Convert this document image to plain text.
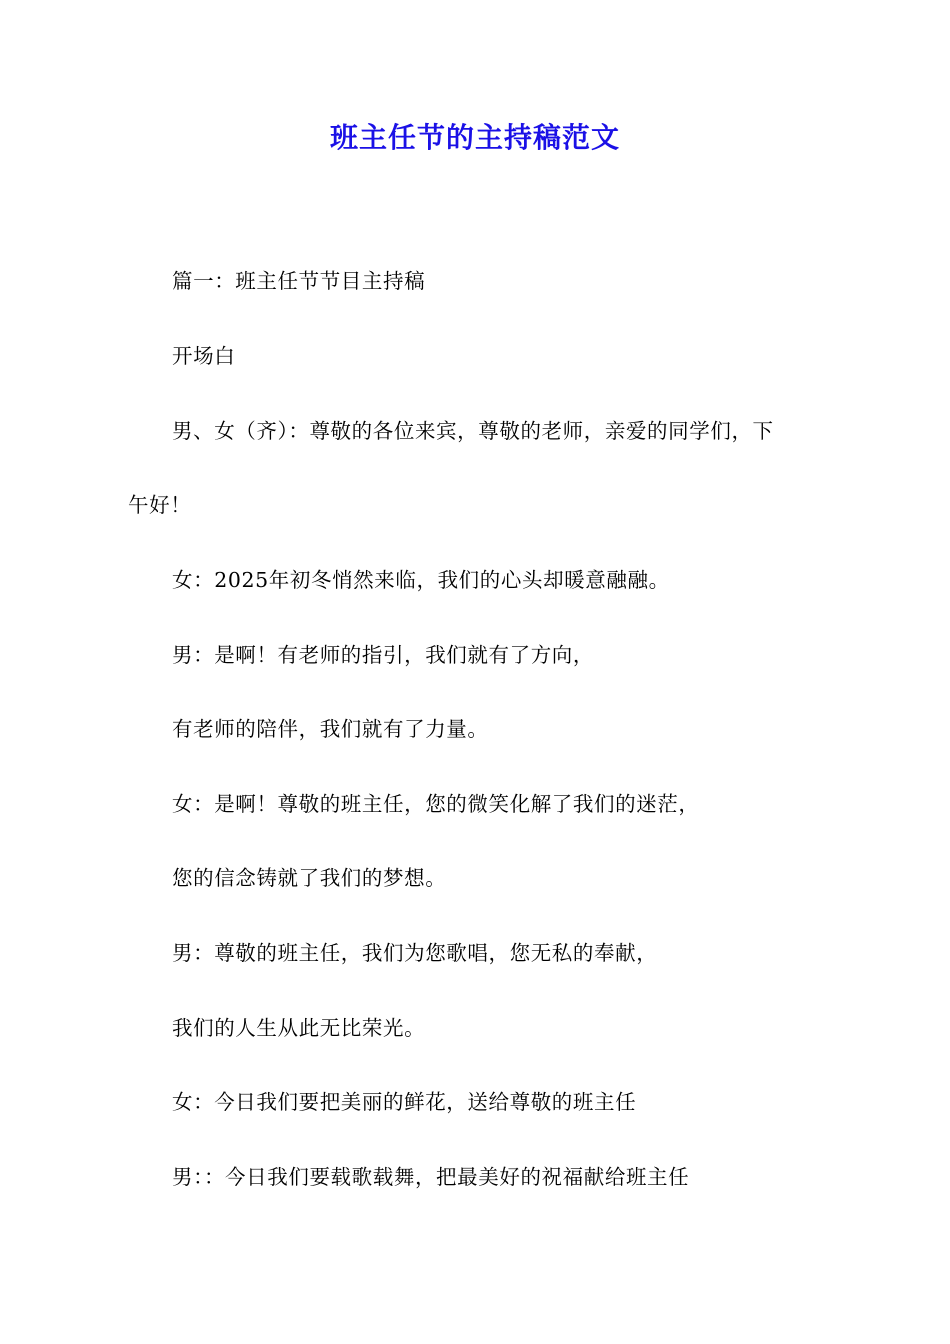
班主任节的主持稿范文
篇一：班主任节节目主持稿
开场白
男、女（齐）：尊敬的各位来宾，尊敬的老师，亲爱的同学们，下
午好！
女：2025年初冬悄然来临，我们的心头却暖意融融。
男：是啊！有老师的指引，我们就有了方向，
有老师的陪伴，我们就有了力量。
女：是啊！尊敬的班主任，您的微笑化解了我们的迷茫，
您的信念铸就了我们的梦想。
男：尊敬的班主任，我们为您歌唱，您无私的奉献，
我们的人生从此无比荣光。
女：今日我们要把美丽的鲜花，送给尊敬的班主任
男：：今日我们要载歌载舞，把最美好的祝福献给班主任
